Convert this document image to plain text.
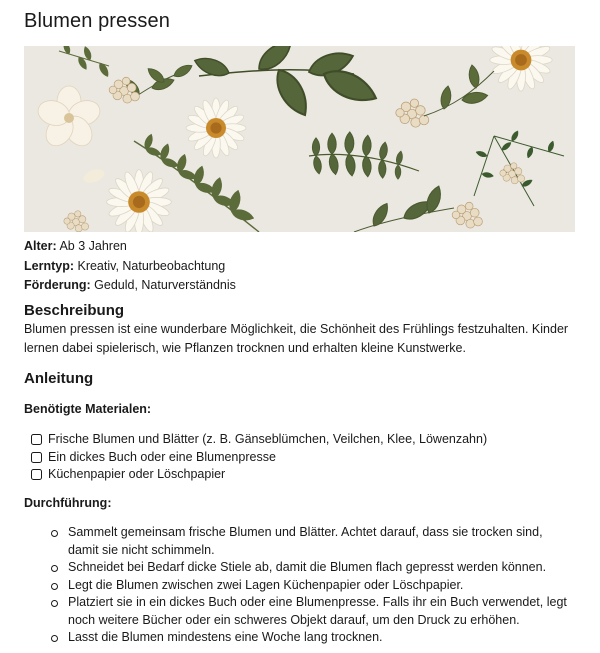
Blumen pressen
Alter: Ab 3 Jahren
Lerntyp: Kreativ, Naturbeobachtung
Förderung: Geduld, Naturverständnis
Beschreibung

Blumen pressen ist eine wunderbare Möglichkeit, die Schönheit des Frühlings festzuhalten. Kinder lernen dabei spielerisch, wie Pflanzen trocknen und erhalten kleine Kunstwerke.

Anleitung
Benötigte Materialen:
Frische Blumen und Blätter (z. B. Gänseblümchen, Veilchen, Klee, Löwenzahn)
Ein dickes Buch oder eine Blumenpresse
Küchenpapier oder Löschpapier
Durchführung:
Sammelt gemeinsam frische Blumen und Blätter. Achtet darauf, dass sie trocken sind, damit sie nicht schimmeln.
Schneidet bei Bedarf dicke Stiele ab, damit die Blumen flach gepresst werden können.
Legt die Blumen zwischen zwei Lagen Küchenpapier oder Löschpapier.
Platziert sie in ein dickes Buch oder eine Blumenpresse. Falls ihr ein Buch verwendet, legt noch weitere Bücher oder ein schweres Objekt darauf, um den Druck zu erhöhen.
Lasst die Blumen mindestens eine Woche lang trocknen.
